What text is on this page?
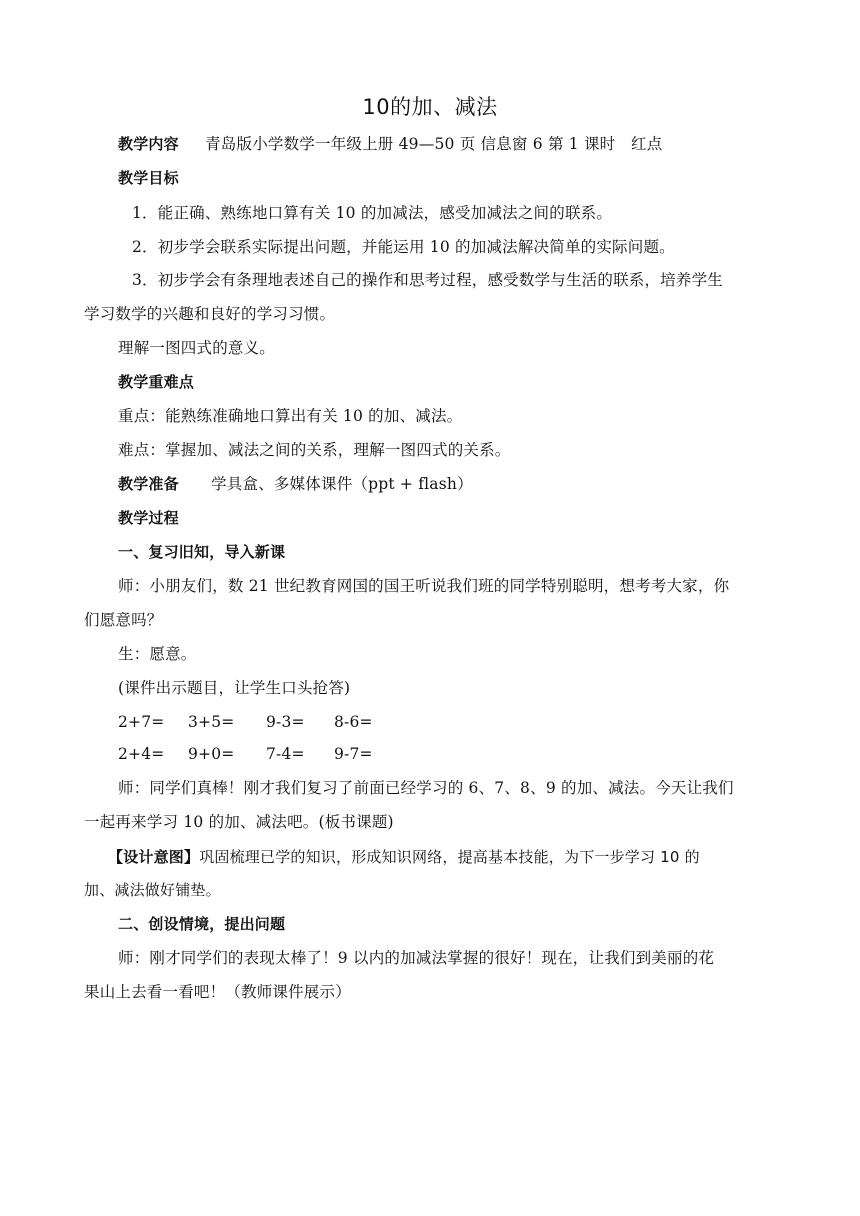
10的加、减法
教学内容 青岛版小学数学一年级上册 49—50 页 信息窗 6 第 1 课时　红点
教学目标
1．能正确、熟练地口算有关 10 的加减法，感受加减法之间的联系。
2．初步学会联系实际提出问题，并能运用 10 的加减法解决简单的实际问题。
3．初步学会有条理地表述自己的操作和思考过程，感受数学与生活的联系，培养学生
学习数学的兴趣和良好的学习习惯。
理解一图四式的意义。
教学重难点
重点：能熟练准确地口算出有关 10 的加、减法。
难点：掌握加、减法之间的关系，理解一图四式的关系。
教学准备 学具盒、多媒体课件（ppt + flash）
教学过程
一、复习旧知，导入新课
师：小朋友们，数 21 世纪教育网国的国王听说我们班的同学特别聪明，想考考大家，你
们愿意吗？
生：愿意。
(课件出示题目，让学生口头抢答)
2+7= 3+5= 9-3= 8-6=
2+4= 9+0= 7-4= 9-7=
师：同学们真棒！刚才我们复习了前面已经学习的 6、7、8、9 的加、减法。今天让我们
一起再来学习 10 的加、减法吧。(板书课题)
【设计意图】巩固梳理已学的知识，形成知识网络，提高基本技能，为下一步学习 10 的
加、减法做好铺垫。
二、创设情境，提出问题
师：刚才同学们的表现太棒了！9 以内的加减法掌握的很好！现在，让我们到美丽的花
果山上去看一看吧！（教师课件展示）
